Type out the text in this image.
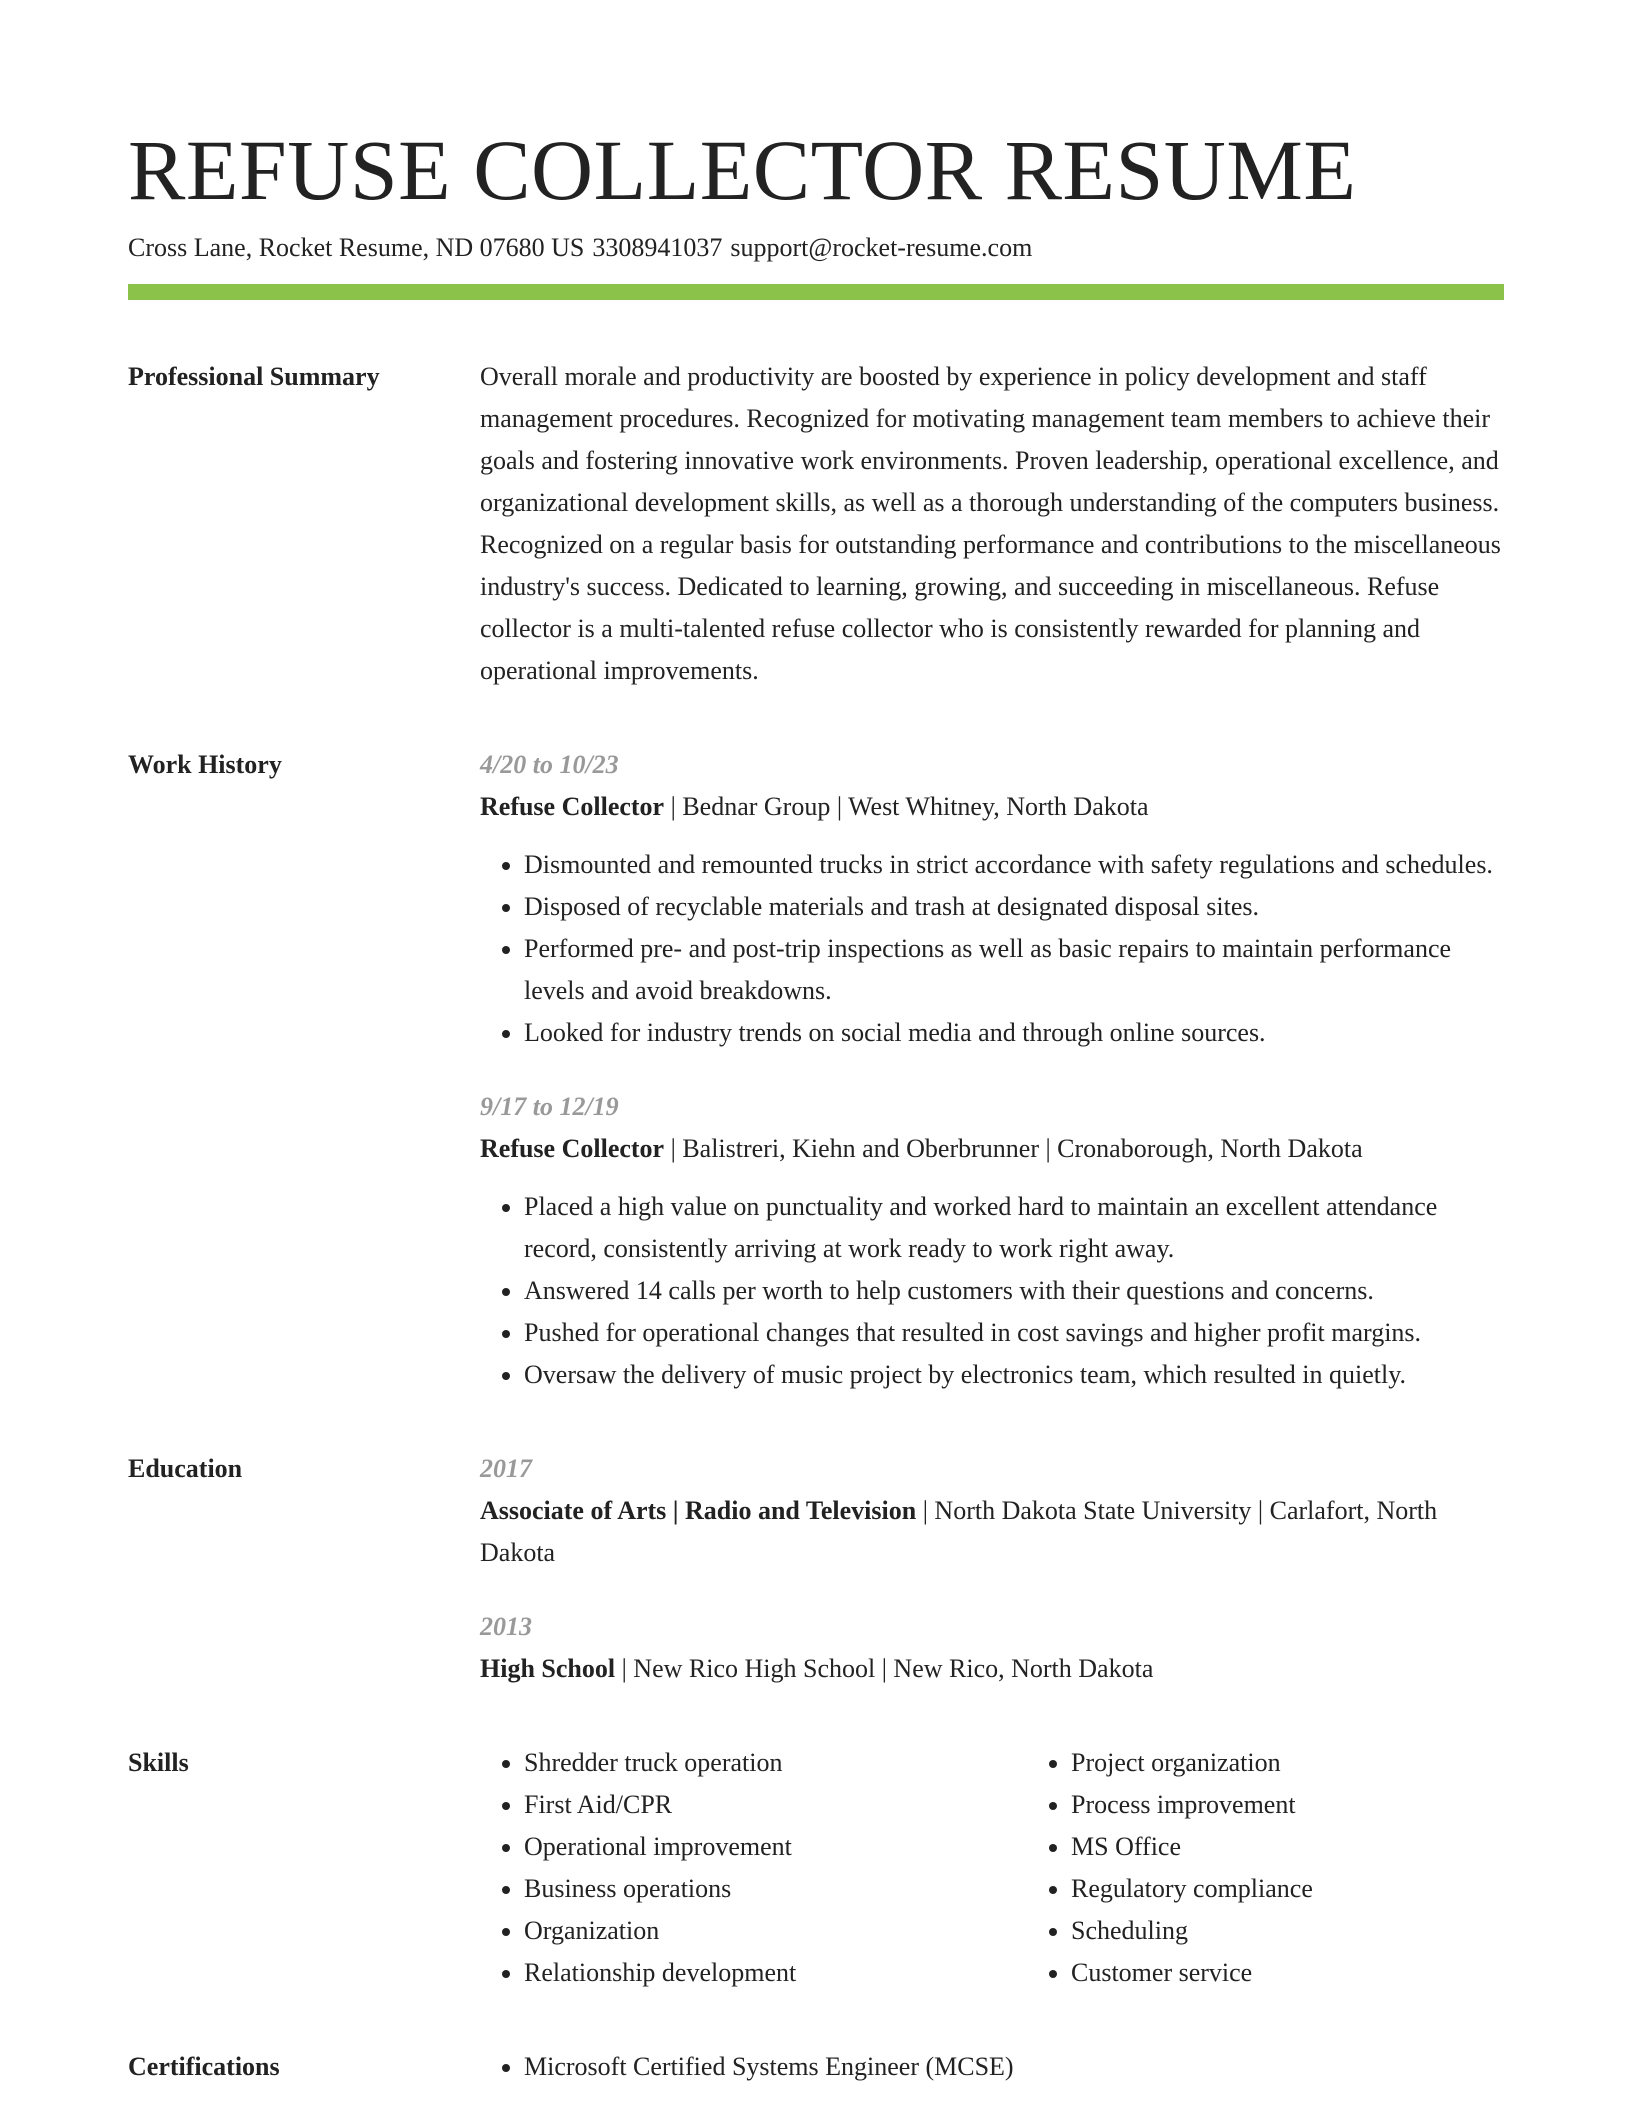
REFUSE COLLECTOR RESUME
Cross Lane, Rocket Resume, ND 07680 US 3308941037 support@rocket-resume.com
Professional Summary	Overall morale and productivity are boosted by experience in policy development and staff management procedures. Recognized for motivating management team members to achieve their goals and fostering innovative work environments. Proven leadership, operational excellence, and organizational development skills, as well as a thorough understanding of the computers business. Recognized on a regular basis for outstanding performance and contributions to the miscellaneous industry's success. Dedicated to learning, growing, and succeeding in miscellaneous. Refuse collector is a multi-talented refuse collector who is consistently rewarded for planning and operational improvements.

Work History	4/20 to 10/23
Refuse Collector | Bednar Group | West Whitney, North Dakota
• Dismounted and remounted trucks in strict accordance with safety regulations and schedules.
• Disposed of recyclable materials and trash at designated disposal sites.
• Performed pre- and post-trip inspections as well as basic repairs to maintain performance levels and avoid breakdowns.
• Looked for industry trends on social media and through online sources.
9/17 to 12/19
Refuse Collector | Balistreri, Kiehn and Oberbrunner | Cronaborough, North Dakota
• Placed a high value on punctuality and worked hard to maintain an excellent attendance record, consistently arriving at work ready to work right away.
• Answered 14 calls per worth to help customers with their questions and concerns.
• Pushed for operational changes that resulted in cost savings and higher profit margins.
• Oversaw the delivery of music project by electronics team, which resulted in quietly.
Education	2017
Associate of Arts | Radio and Television | North Dakota State University | Carlafort, North Dakota
2013
High School | New Rico High School | New Rico, North Dakota
Skills	• Shredder truck operation
• First Aid/CPR
• Operational improvement
• Business operations
• Organization
• Relationship development
• Project organization
• Process improvement
• MS Office
• Regulatory compliance
• Scheduling
• Customer service
Certifications	• Microsoft Certified Systems Engineer (MCSE)
